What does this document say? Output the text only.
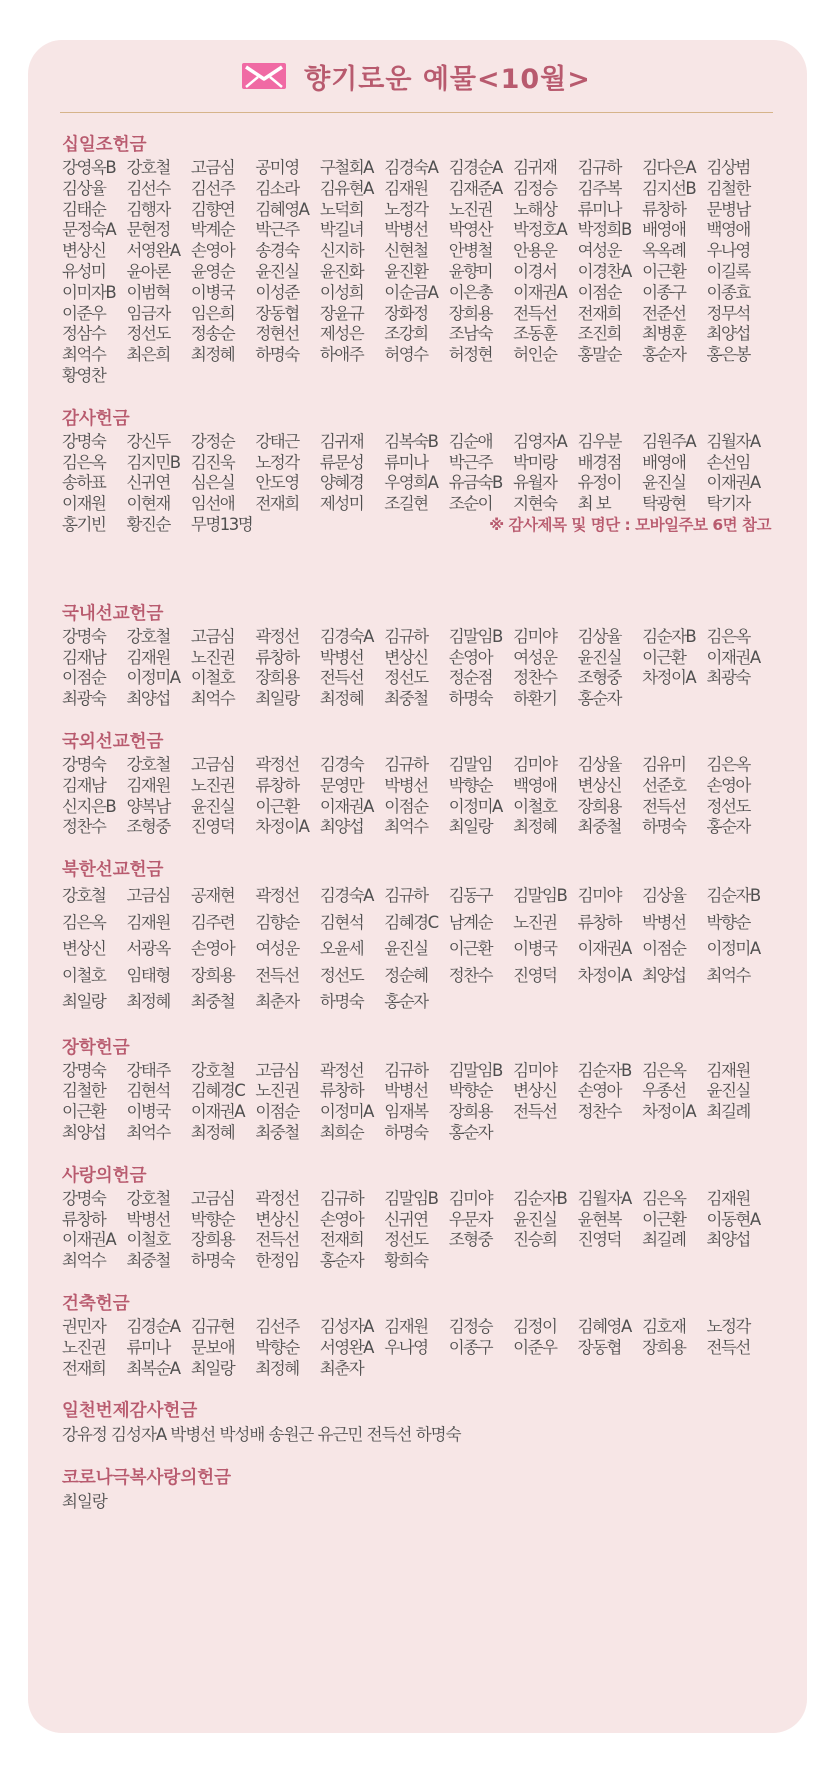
향기로운 예물<10월>
십일조헌금
강영옥B 강호철	고금심	공미영	구철회A 김경숙A 김경순A 김귀재	김규하	김다은A 김상범
김상율	김선수	김선주	김소라	김유현A 김재원	김재준A 김정승	김주복	김지선B 김철한
김태순	김행자	김향연	김혜영A 노덕희	노정각	노진권	노해상	류미나	류창하	문병남
문정숙A 문현정	박계순	박근주	박길녀	박병선	박영산	박정호A 박정희B 배영애	백영애
변상신	서영완A 손영아	송경숙	신지하	신현철	안병철	안용운	여성운	옥옥례	우나영
유성미	윤아론	윤영순	윤진실	윤진화	윤진환	윤향미	이경서	이경찬A 이근환	이길록
이미자B 이범혁	이병국	이성준	이성희	이순금A 이은총	이재권A 이점순	이종구	이종효
이준우	임금자	임은희	장동협	장윤규	장화정	장희용	전득선	전재희	전준선	정무석
정삼수	정선도	정송순	정현선	제성은	조강희	조남숙	조동훈	조진희	최병훈	최양섭
최억수	최은희	최정혜	하명숙	하애주	허영수	허정현	허인순	홍말순	홍순자	홍은봉
황영찬
감사헌금
강명숙	강신두	강정순	강태근	김귀재	김복숙B 김순애	김영자A 김우분	김원주A 김월자A
김은옥	김지민B 김진욱	노정각	류문성	류미나	박근주	박미랑	배경점	배영애	손선임
송하표	신귀연	심은실	안도영	양혜경	우영희A 유금숙B 유월자	유정이	윤진실	이재권A
이재원	이현재	임선애	전재희	제성미	조길현	조순이	지현숙	최 보	탁광현	탁기자
홍기빈	황진순	무명13명	※ 감사제목 및 명단 : 모바일주보 6면 참고
국내선교헌금
강명숙	강호철	고금심	곽정선	김경숙A 김규하	김말임B 김미야	김상율	김순자B 김은옥
김재남	김재원	노진권	류창하	박병선	변상신	손영아	여성운	윤진실	이근환	이재권A
이점순	이정미A 이철호	장희용	전득선	정선도	정순점	정찬수	조형중	차정이A 최광숙
최광숙	최양섭	최억수	최일랑	최정혜	최중철	하명숙	하환기	홍순자
국외선교헌금
강명숙	강호철	고금심	곽정선	김경숙	김규하	김말임	김미야	김상율	김유미	김은옥
김재남	김재원	노진권	류창하	문영만	박병선	박향순	백영애	변상신	선준호	손영아
신지은B 양복남	윤진실	이근환	이재권A 이점순	이정미A 이철호	장희용	전득선	정선도
정찬수	조형중	진영덕	차정이A 최양섭	최억수	최일랑	최정혜	최중철	하명숙	홍순자
북한선교헌금
강호철	고금심	공재현	곽정선	김경숙A 김규하	김동구	김말임B 김미야	김상율	김순자B
김은옥	김재원	김주련	김향순	김현석	김혜경C 남계순	노진권	류창하	박병선	박향순
변상신	서광옥	손영아	여성운	오윤세	윤진실	이근환	이병국	이재권A 이점순	이정미A
이철호	임태형	장희용	전득선	정선도	정순혜	정찬수	진영덕	차정이A 최양섭	최억수
최일랑	최정혜	최중철	최춘자	하명숙	홍순자
장학헌금
강명숙	강태주	강호철	고금심	곽정선	김규하	김말임B 김미야	김순자B 김은옥	김재원
김철한	김현석	김혜경C 노진권	류창하	박병선	박향순	변상신	손영아	우종선	윤진실
이근환	이병국	이재권A 이점순	이정미A 임재복	장희용	전득선	정찬수	차정이A 최길례
최양섭	최억수	최정혜	최중철	최희순	하명숙	홍순자
사랑의헌금
강명숙	강호철	고금심	곽정선	김규하	김말임B 김미야	김순자B 김월자A 김은옥	김재원
류창하	박병선	박향순	변상신	손영아	신귀연	우문자	윤진실	윤현복	이근환	이동현A
이재권A 이철호	장희용	전득선	전재희	정선도	조형중	진승희	진영덕	최길례	최양섭
최억수	최중철	하명숙	한정임	홍순자	황희숙
건축헌금
권민자	김경순A 김규현	김선주	김성자A 김재원	김정승	김정이	김혜영A 김호재	노정각
노진권	류미나	문보애	박향순	서영완A 우나영	이종구	이준우	장동협	장희용	전득선
전재희	최복순A 최일랑	최정혜	최춘자
일천번제감사헌금
강유정 김성자A 박병선 박성배 송원근 유근민 전득선 하명숙
코로나극복사랑의헌금
최일랑
